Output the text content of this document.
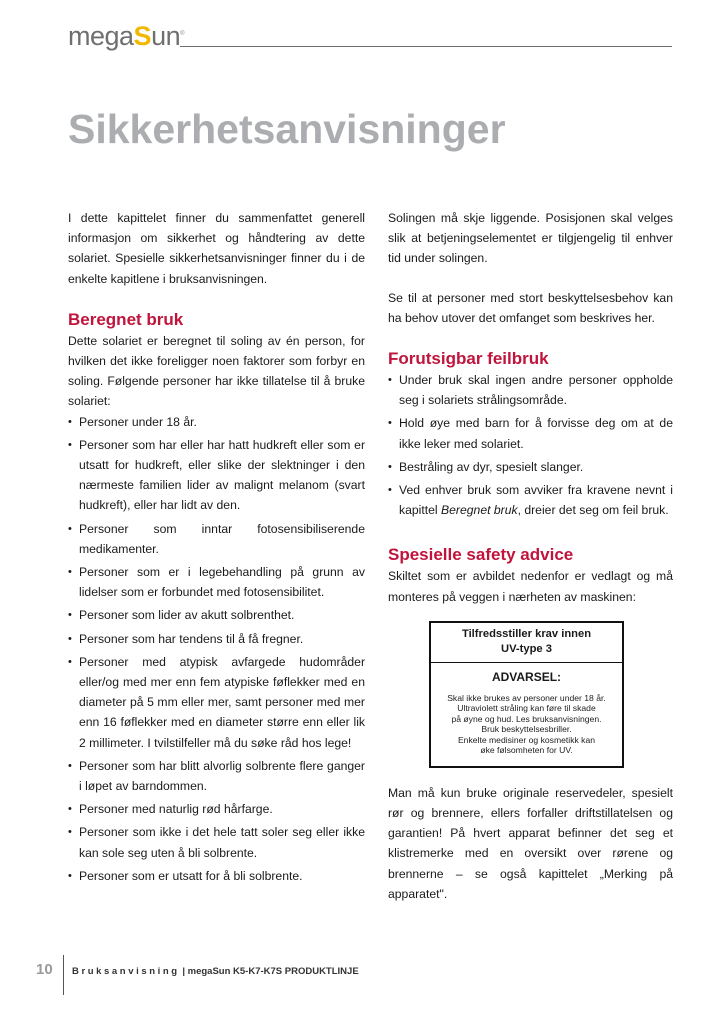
megaSun®
Sikkerhetsanvisninger

I dette kapittelet finner du sammenfattet generell informasjon om sikkerhet og håndtering av dette solariet. Spesielle sikkerhetsanvisninger finner du i de enkelte kapitlene i bruksanvisningen.

Beregnet bruk

Dette solariet er beregnet til soling av én person, for hvilken det ikke foreligger noen faktorer som forbyr en soling. Følgende personer har ikke tillatelse til å bruke solariet:

• Personer under 18 år.
• Personer som har eller har hatt hudkreft eller som er utsatt for hudkreft, eller slike der slektninger i den nærmeste familien lider av malignt melanom (svart hudkreft), eller har lidt av den.
• Personer som inntar fotosensibiliserende medikamenter.
• Personer som er i legebehandling på grunn av lidelser som er forbundet med fotosensibilitet.
• Personer som lider av akutt solbrenthet.
• Personer som har tendens til å få fregner.
• Personer med atypisk avfargede hudområder eller/og med mer enn fem atypiske føflekker med en diameter på 5 mm eller mer, samt personer med mer enn 16 føflekker med en diameter større enn eller lik 2 millimeter. I tvilstilfeller må du søke råd hos lege!
• Personer som har blitt alvorlig solbrente flere ganger i løpet av barndommen.
• Personer med naturlig rød hårfarge.
• Personer som ikke i det hele tatt soler seg eller ikke kan sole seg uten å bli solbrente.
• Personer som er utsatt for å bli solbrente.

Solingen må skje liggende. Posisjonen skal velges slik at betjeningselementet er tilgjengelig til enhver tid under solingen.

Se til at personer med stort beskyttelsesbehov kan ha behov utover det omfanget som beskrives her.

Forutsigbar feilbruk
• Under bruk skal ingen andre personer oppholde seg i solariets strålingsområde.
• Hold øye med barn for å forvisse deg om at de ikke leker med solariet.
• Bestråling av dyr, spesielt slanger.
• Ved enhver bruk som avviker fra kravene nevnt i kapittel Beregnet bruk, dreier det seg om feil bruk.
Spesielle safety advice

Skiltet som er avbildet nedenfor er vedlagt og må monteres på veggen i nærheten av maskinen:

Tilfredsstiller krav innen
UV-type 3
ADVARSEL:
Skal ikke brukes av personer under 18 år.
Ultraviolett stråling kan føre til skade
på øyne og hud. Les bruksanvisningen.
Bruk beskyttelsesbriller.
Enkelte medisiner og kosmetikk kan
øke følsomheten for UV.

Man må kun bruke originale reservedeler, spesielt rør og brennere, ellers forfaller driftstillatelsen og garantien! På hvert apparat befinner det seg et klistremerke med en oversikt over rørene og brennerne – se også kapittelet „Merking på apparatet".

10 Bruksanvisning | megaSun K5-K7-K7S PRODUKTLINJE
